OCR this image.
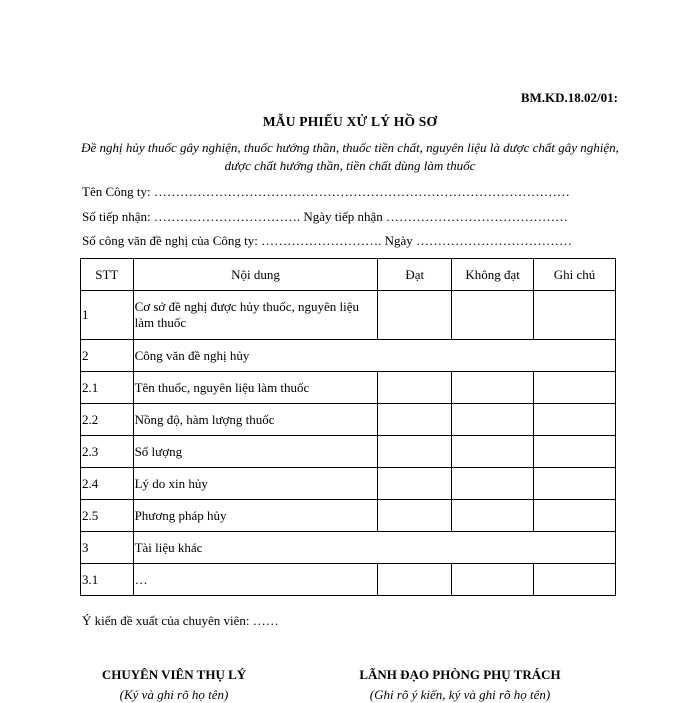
BM.KD.18.02/01:
MẪU PHIẾU XỬ LÝ HỒ SƠ
Đề nghị hủy thuốc gây nghiện, thuốc hướng thần, thuốc tiền chất, nguyên liệu là dược chất gây nghiện, dược chất hướng thần, tiền chất dùng làm thuốc
Tên Công ty: ……………………………………………………………………………………
Số tiếp nhận: ……………………………. Ngày tiếp nhận ……………………………………
Số công văn đề nghị của Công ty: ………………………. Ngày ………………………………
STT	Nội dung	Đạt	Không đạt	Ghi chú
1	Cơ sở đề nghị được hủy thuốc, nguyên liệu làm thuốc			
2	Công văn đề nghị hủy			
2.1	Tên thuốc, nguyên liệu làm thuốc			
2.2	Nồng độ, hàm lượng thuốc			
2.3	Số lượng			
2.4	Lý do xin hủy			
2.5	Phương pháp hủy			
3	Tài liệu khác			
3.1	…			
Ý kiến đề xuất của chuyên viên: ……
CHUYÊN VIÊN THỤ LÝ
(Ký và ghi rõ họ tên)
LÃNH ĐẠO PHÒNG PHỤ TRÁCH
(Ghi rõ ý kiến, ký và ghi rõ họ tên)
